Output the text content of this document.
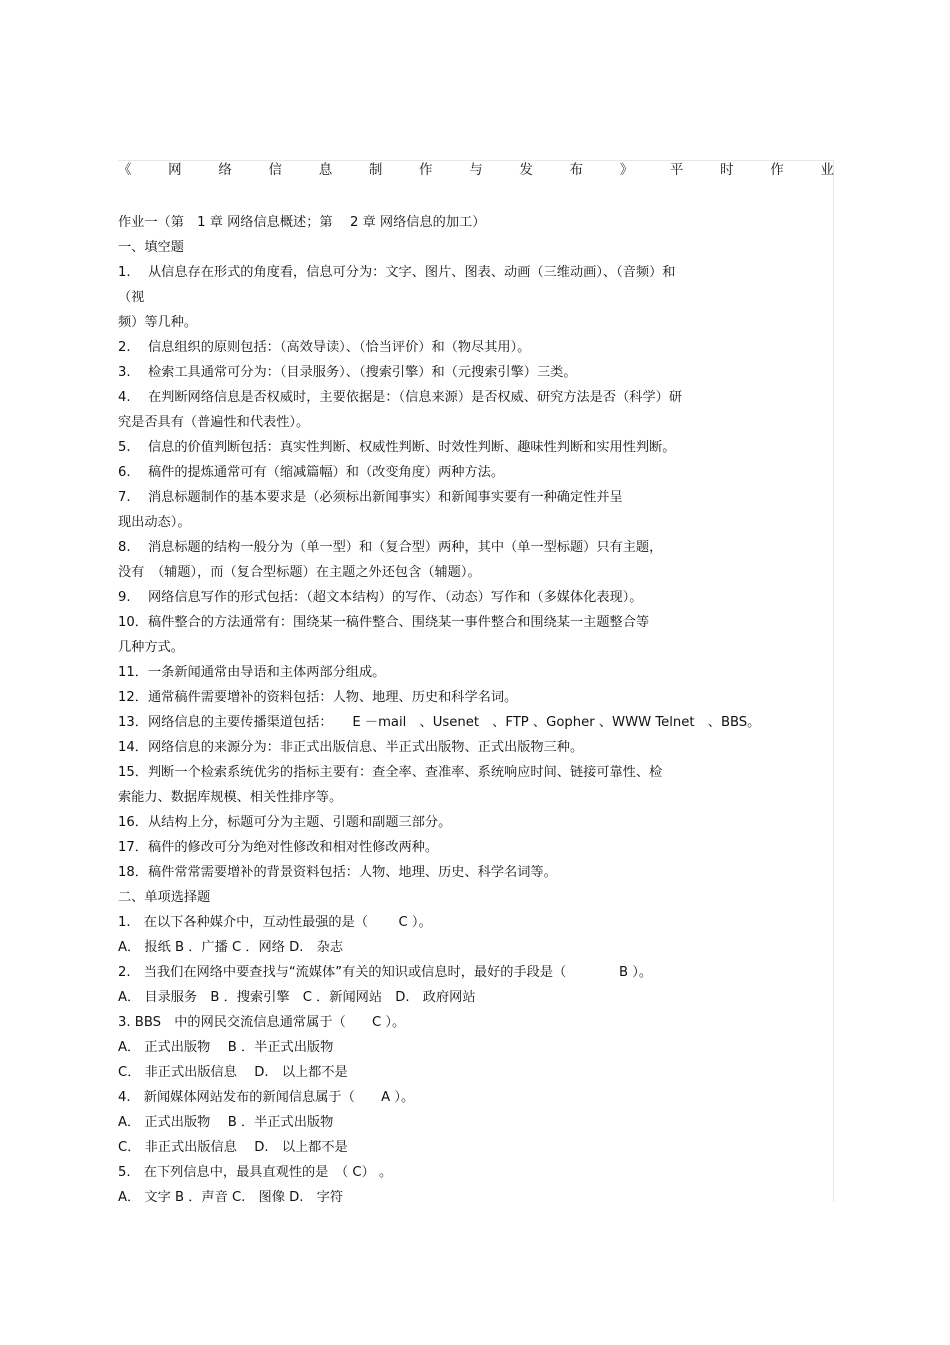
《	网	络	信	息	制	作	与	发	布	》	平	时	作	业
作业一（第　1 章 网络信息概述；第　 2 章 网络信息的加工）
一、填空题
1.　 从信息存在形式的角度看，信息可分为：文字、图片、图表、动画（三维动画）、（音频）和
（视
频）等几种。
2.　 信息组织的原则包括：（高效导读）、（恰当评价）和（物尽其用）。
3.　 检索工具通常可分为：（目录服务）、（搜索引擎）和（元搜索引擎）三类。
4.　 在判断网络信息是否权威时，主要依据是：（信息来源）是否权威、研究方法是否（科学）研
究是否具有（普遍性和代表性）。
5.　 信息的价值判断包括：真实性判断、权威性判断、时效性判断、趣味性判断和实用性判断。
6.　 稿件的提炼通常可有（缩减篇幅）和（改变角度）两种方法。
7.　 消息标题制作的基本要求是（必须标出新闻事实）和新闻事实要有一种确定性并呈
现出动态）。
8.　 消息标题的结构一般分为（单一型）和（复合型）两种，其中（单一型标题）只有主题，
没有　（辅题），而（复合型标题）在主题之外还包含（辅题）。
9.　 网络信息写作的形式包括：（超文本结构）的写作、（动态）写作和（多媒体化表现）。
10．稿件整合的方法通常有：围绕某一稿件整合、围绕某一事件整合和围绕某一主题整合等
几种方式。
11．一条新闻通常由导语和主体两部分组成。
12．通常稿件需要增补的资料包括：人物、地理、历史和科学名词。
13．网络信息的主要传播渠道包括：　　E －mail　、Usenet　、FTP 、Gopher 、WWW Telnet　、BBS。
14．网络信息的来源分为：非正式出版信息、半正式出版物、正式出版物三种。
15．判断一个检索系统优劣的指标主要有：查全率、查准率、系统响应时间、链接可靠性、检
索能力、数据库规模、相关性排序等。
16．从结构上分，标题可分为主题、引题和副题三部分。
17．稿件的修改可分为绝对性修改和相对性修改两种。
18．稿件常常需要增补的背景资料包括：人物、地理、历史、科学名词等。
二、单项选择题
1.　在以下各种媒介中，互动性最强的是（　　 C ）。
A． 报纸 B ．广播 C ．网络 D.　杂志
2.　当我们在网络中要查找与“流媒体”有关的知识或信息时，最好的手段是（　　　　B ）。
A． 目录服务　B ．搜索引擎　C ．新闻网站　D.　政府网站
3. BBS　中的网民交流信息通常属于（　　C ）。
A． 正式出版物　 B ．半正式出版物
C． 非正式出版信息　 D.　以上都不是
4.　新闻媒体网站发布的新闻信息属于（　　A ）。
A． 正式出版物　 B ．半正式出版物
C． 非正式出版信息　 D.　以上都不是
5.　在下列信息中，最具直观性的是　（ C） 。
A． 文字 B ．声音 C.　图像 D.　字符
